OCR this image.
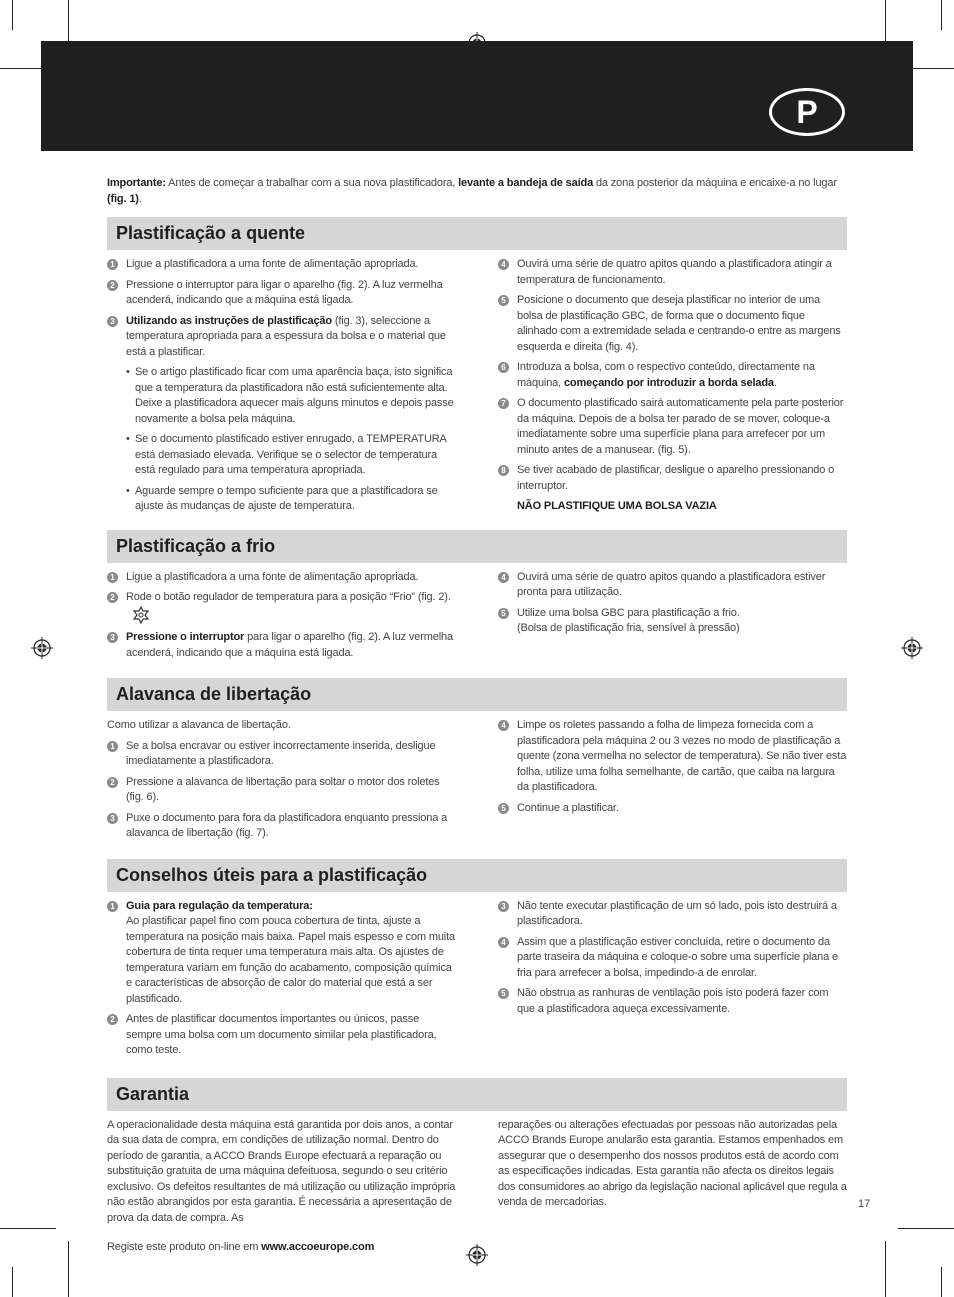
P

Importante: Antes de começar a trabalhar com a sua nova plastificadora, levante a bandeja de saída da zona posterior da máquina e encaixe-a no lugar (fig. 1).

Plastificação a quente
1 Ligue a plastificadora a uma fonte de alimentação apropriada.
2 Pressione o interruptor para ligar o aparelho (fig. 2). A luz vermelha acenderá, indicando que a máquina está ligada.
3 Utilizando as instruções de plastificação (fig. 3), seleccione a temperatura apropriada para a espessura da bolsa e o material que está a plastificar.
• Se o artigo plastificado ficar com uma aparência baça, isto significa que a temperatura da plastificadora não está suficientemente alta. Deixe a plastificadora aquecer mais alguns minutos e depois passe novamente a bolsa pela máquina.
• Se o documento plastificado estiver enrugado, a TEMPERATURA está demasiado elevada. Verifique se o selector de temperatura está regulado para uma temperatura apropriada.
• Aguarde sempre o tempo suficiente para que a plastificadora se ajuste às mudanças de ajuste de temperatura.
4 Ouvirá uma série de quatro apitos quando a plastificadora atingir a temperatura de funcionamento.
5 Posicione o documento que deseja plastificar no interior de uma bolsa de plastificação GBC, de forma que o documento fique alinhado com a extremidade selada e centrando-o entre as margens esquerda e direita (fig. 4).
6 Introduza a bolsa, com o respectivo conteúdo, directamente na máquina, começando por introduzir a borda selada.
7 O documento plastificado sairá automaticamente pela parte posterior da máquina. Depois de a bolsa ter parado de se mover, coloque-a imediatamente sobre uma superfície plana para arrefecer por um minuto antes de a manusear. (fig. 5).
8 Se tiver acabado de plastificar, desligue o aparelho pressionando o interruptor.
NÃO PLASTIFIQUE UMA BOLSA VAZIA
Plastificação a frio
1 Ligue a plastificadora a uma fonte de alimentação apropriada.
2 Rode o botão regulador de temperatura para a posição “Frio” (fig. 2).
3 Pressione o interruptor para ligar o aparelho (fig. 2). A luz vermelha acenderá, indicando que a máquina está ligada.
4 Ouvirá uma série de quatro apitos quando a plastificadora estiver pronta para utilização.
5 Utilize uma bolsa GBC para plastificação a frio.
(Bolsa de plastificação fria, sensível à pressão)
Alavanca de libertação

Como utilizar a alavanca de libertação.

1 Se a bolsa encravar ou estiver incorrectamente inserida, desligue imediatamente a plastificadora.
2 Pressione a alavanca de libertação para soltar o motor dos roletes (fig. 6).
3 Puxe o documento para fora da plastificadora enquanto pressiona a alavanca de libertação (fig. 7).
4 Limpe os roletes passando a folha de limpeza fornecida com a plastificadora pela máquina 2 ou 3 vezes no modo de plastificação a quente (zona vermelha no selector de temperatura). Se não tiver esta folha, utilize uma folha semelhante, de cartão, que caiba na largura da plastificadora.
5 Continue a plastificar.
Conselhos úteis para a plastificação
1 Guia para regulação da temperatura:
Ao plastificar papel fino com pouca cobertura de tinta, ajuste a temperatura na posição mais baixa. Papel mais espesso e com muita cobertura de tinta requer uma temperatura mais alta. Os ajustes de temperatura variam em função do acabamento, composição química e características de absorção de calor do material que está a ser plastificado.
2 Antes de plastificar documentos importantes ou únicos, passe sempre uma bolsa com um documento similar pela plastificadora, como teste.
3 Não tente executar plastificação de um só lado, pois isto destruirá a plastificadora.
4 Assim que a plastificação estiver concluída, retire o documento da parte traseira da máquina e coloque-o sobre uma superfície plana e fria para arrefecer a bolsa, impedindo-a de enrolar.
5 Não obstrua as ranhuras de ventilação pois isto poderá fazer com que a plastificadora aqueça excessivamente.
Garantia

A operacionalidade desta máquina está garantida por dois anos, a contar da sua data de compra, em condições de utilização normal. Dentro do período de garantia, a ACCO Brands Europe efectuará a reparação ou substituição gratuita de uma máquina defeituosa, segundo o seu critério exclusivo. Os defeitos resultantes de má utilização ou utilização imprópria não estão abrangidos por esta garantia. É necessária a apresentação de prova da data de compra. As

Registe este produto on-line em www.accoeurope.com

reparações ou alterações efectuadas por pessoas não autorizadas pela ACCO Brands Europe anularão esta garantia. Estamos empenhados em assegurar que o desempenho dos nossos produtos está de acordo com as especificações indicadas. Esta garantia não afecta os direitos legais dos consumidores ao abrigo da legislação nacional aplicável que regula a venda de mercadorias.	17
